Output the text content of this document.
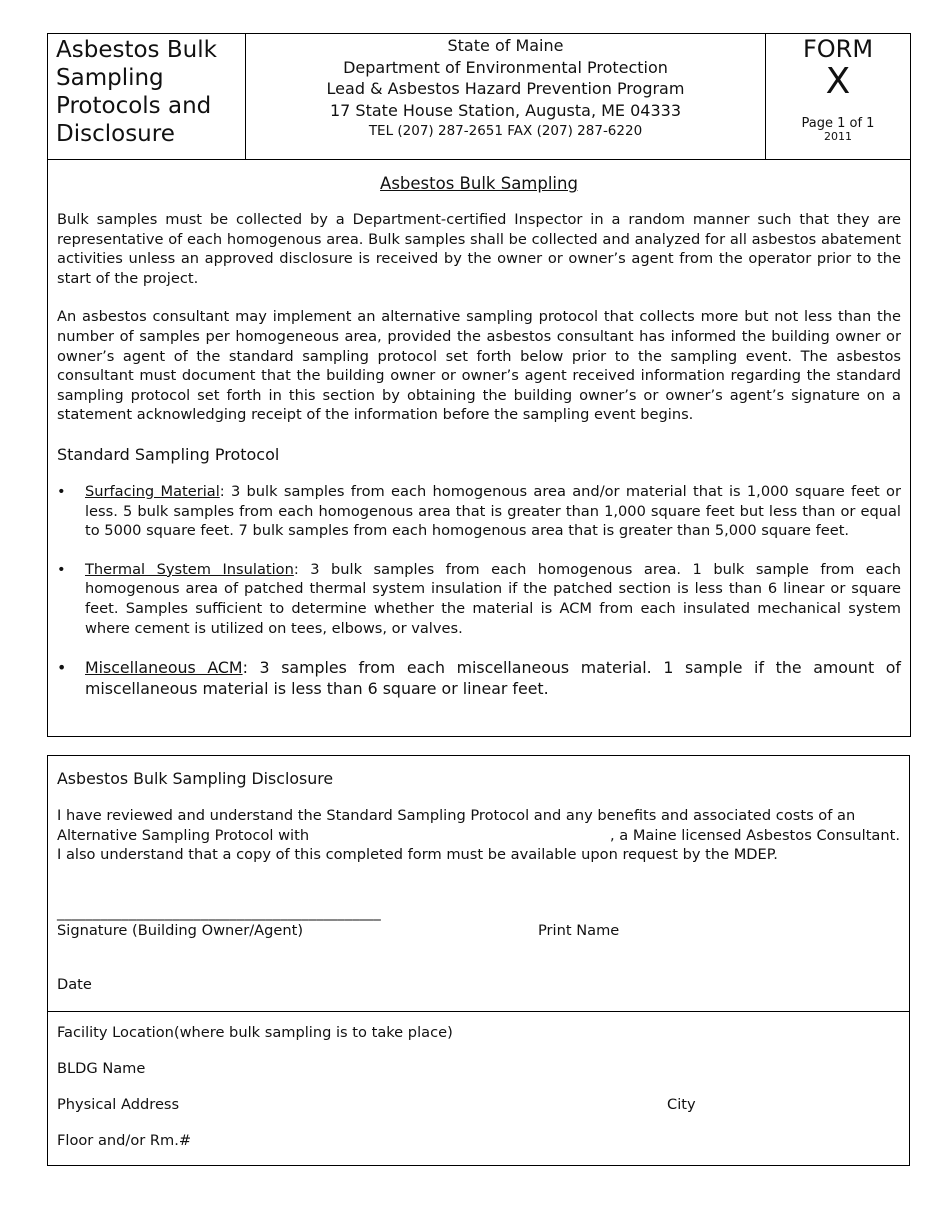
Asbestos Bulk Sampling Protocols and Disclosure
State of Maine
Department of Environmental Protection
Lead & Asbestos Hazard Prevention Program
17 State House Station, Augusta, ME 04333
TEL (207) 287-2651 FAX (207) 287-6220
FORM
X
Page 1 of 1
2011
Asbestos Bulk Sampling

Bulk samples must be collected by a Department-certified Inspector in a random manner such that they are representative of each homogenous area. Bulk samples shall be collected and analyzed for all asbestos abatement activities unless an approved disclosure is received by the owner or owner’s agent from the operator prior to the start of the project.

An asbestos consultant may implement an alternative sampling protocol that collects more but not less than the number of samples per homogeneous area, provided the asbestos consultant has informed the building owner or owner’s agent of the standard sampling protocol set forth below prior to the sampling event. The asbestos consultant must document that the building owner or owner’s agent received information regarding the standard sampling protocol set forth in this section by obtaining the building owner’s or owner’s agent’s signature on a statement acknowledging receipt of the information before the sampling event begins.

Standard Sampling Protocol
• Surfacing Material: 3 bulk samples from each homogenous area and/or material that is 1,000 square feet or less. 5 bulk samples from each homogenous area that is greater than 1,000 square feet but less than or equal to 5000 square feet. 7 bulk samples from each homogenous area that is greater than 5,000 square feet.
• Thermal System Insulation: 3 bulk samples from each homogenous area. 1 bulk sample from each homogenous area of patched thermal system insulation if the patched section is less than 6 linear or square feet. Samples sufficient to determine whether the material is ACM from each insulated mechanical system where cement is utilized on tees, elbows, or valves.
• Miscellaneous ACM: 3 samples from each miscellaneous material. 1 sample if the amount of miscellaneous material is less than 6 square or linear feet.
Asbestos Bulk Sampling Disclosure

I have reviewed and understand the Standard Sampling Protocol and any benefits and associated costs of an

Alternative Sampling Protocol with	, a Maine licensed Asbestos Consultant.

I also understand that a copy of this completed form must be available upon request by the MDEP.

_____________________________________________
Signature (Building Owner/Agent)	Print Name
Date
Facility Location(where bulk sampling is to take place)
BLDG Name
Physical Address	City
Floor and/or Rm.#
